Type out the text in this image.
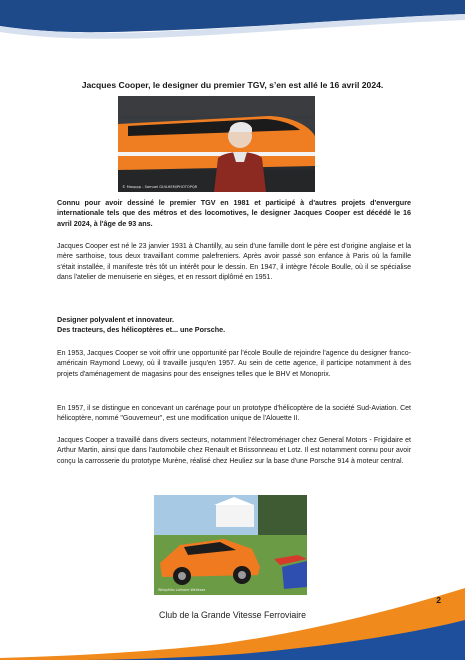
Jacques Cooper, le designer du premier TGV, s’en est allé le 16 avril 2024.
© Maxppp - Samuel GUILHEM/PHOTOPQR
Connu pour avoir dessiné le premier TGV en 1981 et participé à d'autres projets d'envergure internationale tels que des métros et des locomotives, le designer Jacques Cooper est décédé le 16 avril 2024, à l'âge de 93 ans.
Jacques Cooper est né le 23 janvier 1931 à Chantilly, au sein d'une famille dont le père est d'origine anglaise et la mère sarthoise, tous deux travaillant comme palefreniers. Après avoir passé son enfance à Paris où la famille s'était installée, il manifeste très tôt un intérêt pour le dessin. En 1947, il intègre l'école Boulle, où il se spécialise dans l'atelier de menuiserie en sièges, et en ressort diplômé en 1951.
Designer polyvalent et innovateur.
Des tracteurs, des hélicoptères et... une Porsche.
En 1953, Jacques Cooper se voit offrir une opportunité par l'école Boulle de rejoindre l'agence du designer franco-américain Raymond Loewy, où il travaille jusqu'en 1957. Au sein de cette agence, il participe notamment à des projets d'aménagement de magasins pour des enseignes telles que le BHV et Monoprix.
En 1957, il se distingue en concevant un carénage pour un prototype d'hélicoptère de la société Sud-Aviation. Cet hélicoptère, nommé "Gouverneur", est une modification unique de l'Alouette II.
Jacques Cooper a travaillé dans divers secteurs, notamment l'électroménager chez General Motors - Frigidaire et Arthur Martin, ainsi que dans l'automobile chez Renault et Brissonneau et Lotz. Il est notamment connu pour avoir conçu la carrosserie du prototype Murène, réalisé chez Heuliez sur la base d'une Porsche 914 à moteur central.
Wikipédia Lothaire Wellesse
Club de la Grande Vitesse Ferroviaire
2
